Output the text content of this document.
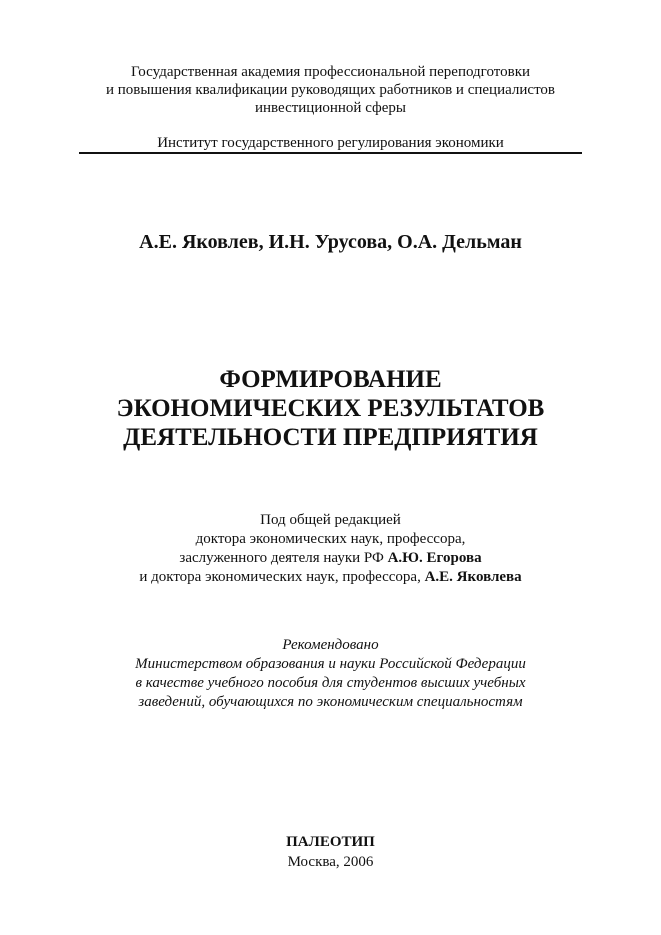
Государственная академия профессиональной переподготовки
и повышения квалификации руководящих работников и специалистов
инвестиционной сферы
Институт государственного регулирования экономики
А.Е. Яковлев, И.Н. Урусова, О.А. Дельман
ФОРМИРОВАНИЕ
ЭКОНОМИЧЕСКИХ РЕЗУЛЬТАТОВ
ДЕЯТЕЛЬНОСТИ ПРЕДПРИЯТИЯ
Под общей редакцией
доктора экономических наук, профессора,
заслуженного деятеля науки РФ А.Ю. Егорова
и доктора экономических наук, профессора, А.Е. Яковлева
Рекомендовано
Министерством образования и науки Российской Федерации
в качестве учебного пособия для студентов высших учебных
заведений, обучающихся по экономическим специальностям
ПАЛЕОТИП
Москва, 2006
